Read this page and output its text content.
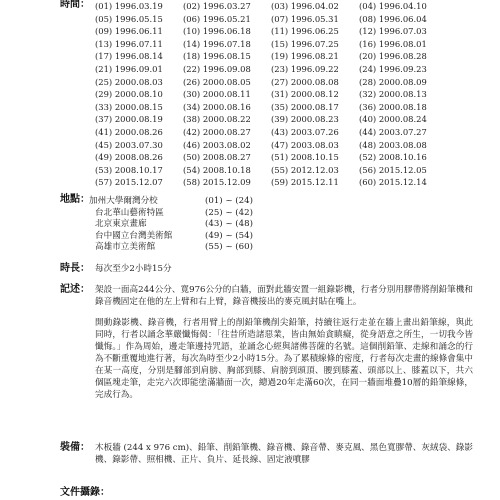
時間： (01) 1996.03.19	(02) 1996.03.27	(03) 1996.04.02	(04) 1996.04.10
(05) 1996.05.15	(06) 1996.05.21	(07) 1996.05.31	(08) 1996.06.04
(09) 1996.06.11	(10) 1996.06.18	(11) 1996.06.25	(12) 1996.07.03
(13) 1996.07.11	(14) 1996.07.18	(15) 1996.07.25	(16) 1996.08.01
(17) 1996.08.14	(18) 1996.08.15	(19) 1996.08.21	(20) 1996.08.28
(21) 1996.09.01	(22) 1996.09.08	(23) 1996.09.22	(24) 1996.09.23
(25) 2000.08.03	(26) 2000.08.05	(27) 2000.08.08	(28) 2000.08.09
(29) 2000.08.10	(30) 2000.08.11	(31) 2000.08.12	(32) 2000.08.13
(33) 2000.08.15	(34) 2000.08.16	(35) 2000.08.17	(36) 2000.08.18
(37) 2000.08.19	(38) 2000.08.22	(39) 2000.08.23	(40) 2000.08.24
(41) 2000.08.26	(42) 2000.08.27	(43) 2003.07.26	(44) 2003.07.27
(45) 2003.07.30	(46) 2003.08.02	(47) 2003.08.03	(48) 2003.08.08
(49) 2008.08.26	(50) 2008.08.27	(51) 2008.10.15	(52) 2008.10.16
(53) 2008.10.17	(54) 2008.10.18	(55) 2012.12.03	(56) 2015.12.05
(57) 2015.12.07	(58) 2015.12.09	(59) 2015.12.11	(60) 2015.12.14
地點： 加州大學爾灣分校	(01) ~ (24)
台北華山藝術特區	(25) ~ (42)
北京東京畫廊	(43) ~ (48)
台中國立台灣美術館	(49) ~ (54)
高雄市立美術館	(55) ~ (60)
時長： 每次至少2小時15分
記述： 架設一面高244公分、寬976公分的白牆，面對此牆安置一組錄影機，行者分別用膠帶將削鉛筆機和錄音機固定在他的左上臂和右上臂，錄音機接出的麥克風封貼在嘴上。

開動錄影機、錄音機，行者用臂上的削鉛筆機削尖鉛筆，持續往返行走並在牆上畫出鉛筆線，與此同時，行者以誦念華嚴懺悔偈：「往昔所造諸惡業，皆由無始貪瞋癡，從身語意之所生，一切我今皆懺悔。」作為周始，邊走筆邊持咒語，並誦念心經與諸佛菩薩的名號。這個削鉛筆、走線和誦念的行為不斷重覆地進行著，每次為時至少2小時15分。為了累積線條的密度，行者每次走畫的線條會集中在某一高度，分別是腳部到肩膀、胸部到膝、肩膀到頭頂、腰到膝蓋、頭部以上、膝蓋以下，共六個區塊走筆，走完六次即能塗滿牆面一次，總過20年走滿60次，在同一牆面堆疊10層的鉛筆線條，完成行為。

裝備： 木板牆 (244 x 976 cm)、鉛筆、削鉛筆機、錄音機、錄音帶、麥克風、黑色寬膠帶、灰絨袋、錄影機、錄影帶、照相機、正片、負片、延長線、固定液噴膠
文件攝錄：
